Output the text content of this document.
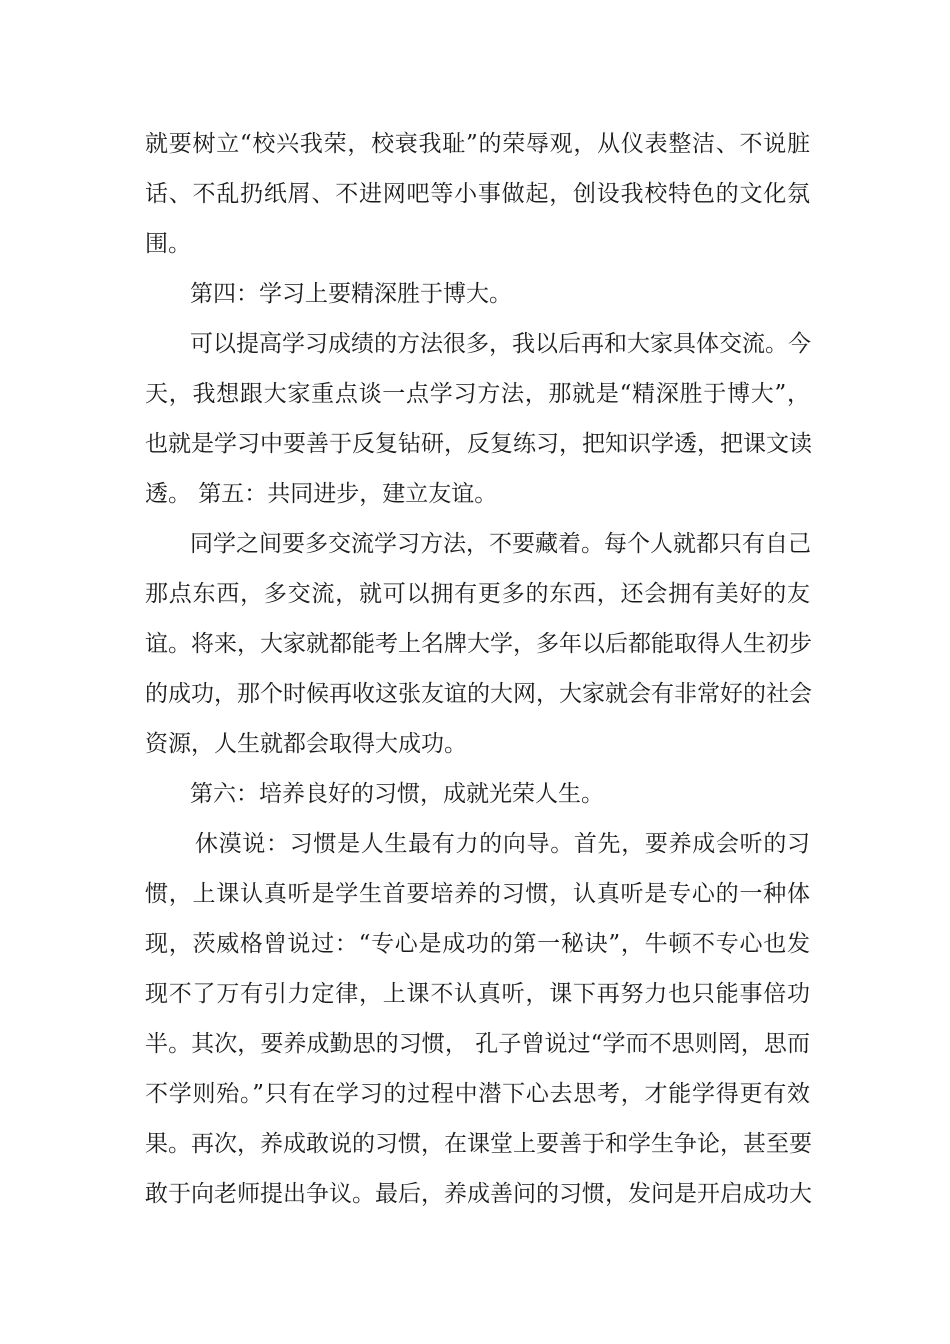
就要树立“校兴我荣，校衰我耻”的荣辱观，从仪表整洁、不说脏
话、不乱扔纸屑、不进网吧等小事做起，创设我校特色的文化氛
围。
第四：学习上要精深胜于博大。
可以提高学习成绩的方法很多，我以后再和大家具体交流。今
天，我想跟大家重点谈一点学习方法，那就是“精深胜于博大”，
也就是学习中要善于反复钻研，反复练习，把知识学透，把课文读
透。 第五：共同进步，建立友谊。
同学之间要多交流学习方法，不要藏着。每个人就都只有自己
那点东西，多交流，就可以拥有更多的东西，还会拥有美好的友
谊。将来，大家就都能考上名牌大学，多年以后都能取得人生初步
的成功，那个时候再收这张友谊的大网，大家就会有非常好的社会
资源，人生就都会取得大成功。
第六：培养良好的习惯，成就光荣人生。
休漠说：习惯是人生最有力的向导。首先，要养成会听的习
惯，上课认真听是学生首要培养的习惯，认真听是专心的一种体
现，茨威格曾说过：“专心是成功的第一秘诀”，牛顿不专心也发
现不了万有引力定律，上课不认真听，课下再努力也只能事倍功
半。其次，要养成勤思的习惯， 孔子曾说过“学而不思则罔，思而
不学则殆。”只有在学习的过程中潜下心去思考，才能学得更有效
果。再次，养成敢说的习惯，在课堂上要善于和学生争论，甚至要
敢于向老师提出争议。最后，养成善问的习惯，发问是开启成功大
